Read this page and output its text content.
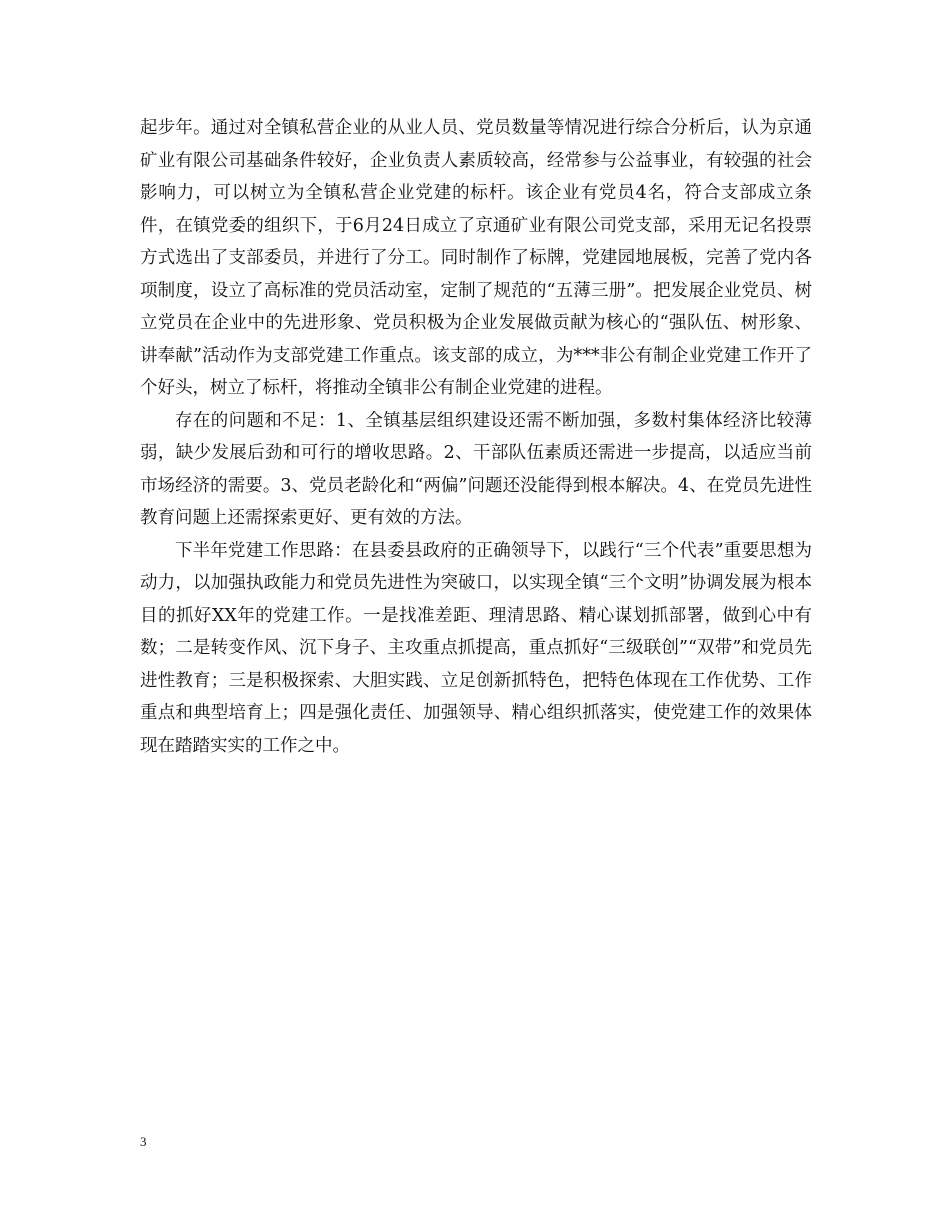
起步年。通过对全镇私营企业的从业人员、党员数量等情况进行综合分析后，认为京通矿业有限公司基础条件较好，企业负责人素质较高，经常参与公益事业，有较强的社会影响力，可以树立为全镇私营企业党建的标杆。该企业有党员4名，符合支部成立条件，在镇党委的组织下，于6月24日成立了京通矿业有限公司党支部，采用无记名投票方式选出了支部委员，并进行了分工。同时制作了标牌，党建园地展板，完善了党内各项制度，设立了高标准的党员活动室，定制了规范的“五薄三册”。把发展企业党员、树立党员在企业中的先进形象、党员积极为企业发展做贡献为核心的“强队伍、树形象、讲奉献”活动作为支部党建工作重点。该支部的成立，为***非公有制企业党建工作开了个好头，树立了标杆，将推动全镇非公有制企业党建的进程。

存在的问题和不足：1、全镇基层组织建设还需不断加强，多数村集体经济比较薄弱，缺少发展后劲和可行的增收思路。2、干部队伍素质还需进一步提高，以适应当前市场经济的需要。3、党员老龄化和“两偏”问题还没能得到根本解决。4、在党员先进性教育问题上还需探索更好、更有效的方法。

下半年党建工作思路：在县委县政府的正确领导下，以践行“三个代表”重要思想为动力，以加强执政能力和党员先进性为突破口，以实现全镇“三个文明”协调发展为根本目的抓好XX年的党建工作。一是找准差距、理清思路、精心谋划抓部署，做到心中有数；二是转变作风、沉下身子、主攻重点抓提高，重点抓好“三级联创”“双带”和党员先进性教育；三是积极探索、大胆实践、立足创新抓特色，把特色体现在工作优势、工作重点和典型培育上；四是强化责任、加强领导、精心组织抓落实，使党建工作的效果体现在踏踏实实的工作之中。

3
